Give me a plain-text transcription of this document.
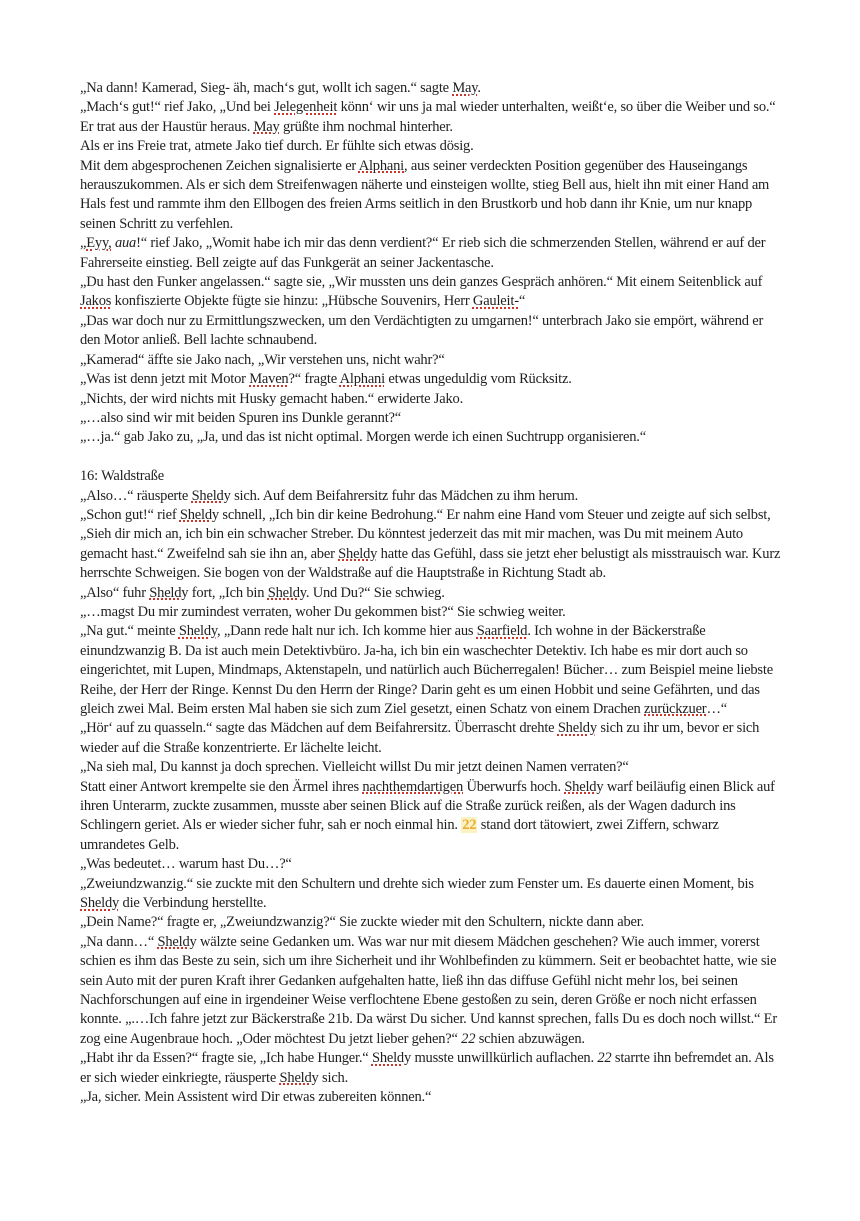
„Na dann! Kamerad, Sieg- äh, mach‘s gut, wollt ich sagen.“ sagte May.

„Mach‘s gut!“ rief Jako, „Und bei Jelegenheit könn‘ wir uns ja mal wieder unterhalten, weißt‘e, so über die Weiber und so.“ Er trat aus der Haustür heraus. May grüßte ihm nochmal hinterher.

Als er ins Freie trat, atmete Jako tief durch. Er fühlte sich etwas dösig.

Mit dem abgesprochenen Zeichen signalisierte er Alphani, aus seiner verdeckten Position gegenüber des Hauseingangs herauszukommen. Als er sich dem Streifenwagen näherte und einsteigen wollte, stieg Bell aus, hielt ihn mit einer Hand am Hals fest und rammte ihm den Ellbogen des freien Arms seitlich in den Brustkorb und hob dann ihr Knie, um nur knapp seinen Schritt zu verfehlen.

„Eyy, aua!“ rief Jako, „Womit habe ich mir das denn verdient?“ Er rieb sich die schmerzenden Stellen, während er auf der Fahrerseite einstieg. Bell zeigte auf das Funkgerät an seiner Jackentasche.

„Du hast den Funker angelassen.“ sagte sie, „Wir mussten uns dein ganzes Gespräch anhören.“ Mit einem Seitenblick auf Jakos konfiszierte Objekte fügte sie hinzu: „Hübsche Souvenirs, Herr Gauleit-“

„Das war doch nur zu Ermittlungszwecken, um den Verdächtigten zu umgarnen!“ unterbrach Jako sie empört, während er den Motor anließ. Bell lachte schnaubend.

„Kamerad“ äffte sie Jako nach, „Wir verstehen uns, nicht wahr?“

„Was ist denn jetzt mit Motor Maven?“ fragte Alphani etwas ungeduldig vom Rücksitz.

„Nichts, der wird nichts mit Husky gemacht haben.“ erwiderte Jako.

„…also sind wir mit beiden Spuren ins Dunkle gerannt?“

„…ja.“ gab Jako zu, „Ja, und das ist nicht optimal. Morgen werde ich einen Suchtrupp organisieren.“

16: Waldstraße

„Also…“ räusperte Sheldy sich. Auf dem Beifahrersitz fuhr das Mädchen zu ihm herum.

„Schon gut!“ rief Sheldy schnell, „Ich bin dir keine Bedrohung.“ Er nahm eine Hand vom Steuer und zeigte auf sich selbst, „Sieh dir mich an, ich bin ein schwacher Streber. Du könntest jederzeit das mit mir machen, was Du mit meinem Auto gemacht hast.“ Zweifelnd sah sie ihn an, aber Sheldy hatte das Gefühl, dass sie jetzt eher belustigt als misstrauisch war. Kurz herrschte Schweigen. Sie bogen von der Waldstraße auf die Hauptstraße in Richtung Stadt ab.

„Also“ fuhr Sheldy fort, „Ich bin Sheldy. Und Du?“ Sie schwieg.

„…magst Du mir zumindest verraten, woher Du gekommen bist?“ Sie schwieg weiter.

„Na gut.“ meinte Sheldy, „Dann rede halt nur ich. Ich komme hier aus Saarfield. Ich wohne in der Bäckerstraße einundzwanzig B. Da ist auch mein Detektivbüro. Ja-ha, ich bin ein waschechter Detektiv. Ich habe es mir dort auch so eingerichtet, mit Lupen, Mindmaps, Aktenstapeln, und natürlich auch Bücherregalen! Bücher… zum Beispiel meine liebste Reihe, der Herr der Ringe. Kennst Du den Herrn der Ringe? Darin geht es um einen Hobbit und seine Gefährten, und das gleich zwei Mal. Beim ersten Mal haben sie sich zum Ziel gesetzt, einen Schatz von einem Drachen zurückzuer…“

„Hör‘ auf zu quasseln.“ sagte das Mädchen auf dem Beifahrersitz. Überrascht drehte Sheldy sich zu ihr um, bevor er sich wieder auf die Straße konzentrierte. Er lächelte leicht.

„Na sieh mal, Du kannst ja doch sprechen. Vielleicht willst Du mir jetzt deinen Namen verraten?“

Statt einer Antwort krempelte sie den Ärmel ihres nachthemdartigen Überwurfs hoch. Sheldy warf beiläufig einen Blick auf ihren Unterarm, zuckte zusammen, musste aber seinen Blick auf die Straße zurück reißen, als der Wagen dadurch ins Schlingern geriet. Als er wieder sicher fuhr, sah er noch einmal hin. 22 stand dort tätowiert, zwei Ziffern, schwarz umrandetes Gelb.

„Was bedeutet… warum hast Du…?“

„Zweiundzwanzig.“ sie zuckte mit den Schultern und drehte sich wieder zum Fenster um. Es dauerte einen Moment, bis Sheldy die Verbindung herstellte.

„Dein Name?“ fragte er, „Zweiundzwanzig?“ Sie zuckte wieder mit den Schultern, nickte dann aber.

„Na dann…“ Sheldy wälzte seine Gedanken um. Was war nur mit diesem Mädchen geschehen? Wie auch immer, vorerst schien es ihm das Beste zu sein, sich um ihre Sicherheit und ihr Wohlbefinden zu kümmern. Seit er beobachtet hatte, wie sie sein Auto mit der puren Kraft ihrer Gedanken aufgehalten hatte, ließ ihn das diffuse Gefühl nicht mehr los, bei seinen Nachforschungen auf eine in irgendeiner Weise verflochtene Ebene gestoßen zu sein, deren Größe er noch nicht erfassen konnte. „.…Ich fahre jetzt zur Bäckerstraße 21b. Da wärst Du sicher. Und kannst sprechen, falls Du es doch noch willst.“ Er zog eine Augenbraue hoch. „Oder möchtest Du jetzt lieber gehen?“ 22 schien abzuwägen.

„Habt ihr da Essen?“ fragte sie, „Ich habe Hunger.“ Sheldy musste unwillkürlich auflachen. 22 starrte ihn befremdet an. Als er sich wieder einkriegte, räusperte Sheldy sich.

„Ja, sicher. Mein Assistent wird Dir etwas zubereiten können.“
